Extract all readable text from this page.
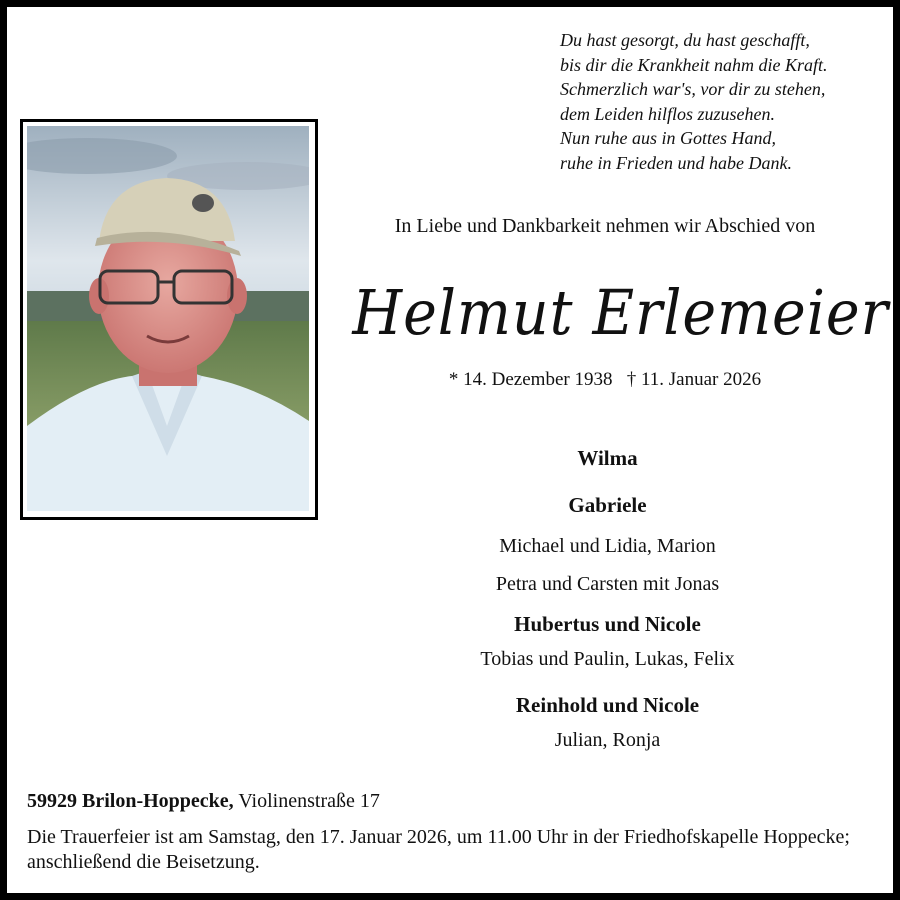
Du hast gesorgt, du hast geschafft,
bis dir die Krankheit nahm die Kraft.
Schmerzlich war's, vor dir zu stehen,
dem Leiden hilflos zuzusehen.
Nun ruhe aus in Gottes Hand,
ruhe in Frieden und habe Dank.
In Liebe und Dankbarkeit nehmen wir Abschied von
Helmut Erlemeier
* 14. Dezember 1938 † 11. Januar 2026
Wilma
Gabriele
Michael und Lidia, Marion
Petra und Carsten mit Jonas
Hubertus und Nicole
Tobias und Paulin, Lukas, Felix
Reinhold und Nicole
Julian, Ronja
59929 Brilon-Hoppecke, Violinenstraße 17
Die Trauerfeier ist am Samstag, den 17. Januar 2026, um 11.00 Uhr in der Friedhofskapelle Hoppecke; anschließend die Beisetzung.
